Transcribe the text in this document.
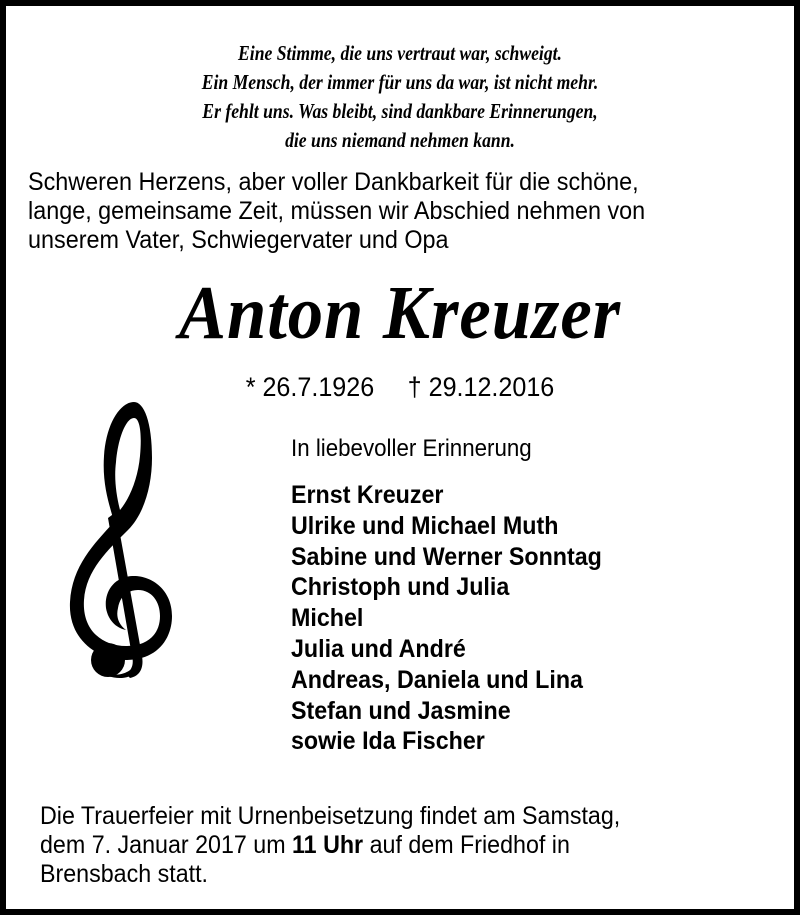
Eine Stimme, die uns vertraut war, schweigt.
Ein Mensch, der immer für uns da war, ist nicht mehr.
Er fehlt uns. Was bleibt, sind dankbare Erinnerungen,
die uns niemand nehmen kann.
Schweren Herzens, aber voller Dankbarkeit für die schöne,
lange, gemeinsame Zeit, müssen wir Abschied nehmen von
unserem Vater, Schwiegervater und Opa
Anton Kreuzer
* 26.7.1926 † 29.12.2016
In liebevoller Erinnerung
Ernst Kreuzer
Ulrike und Michael Muth
Sabine und Werner Sonntag
Christoph und Julia
Michel
Julia und André
Andreas, Daniela und Lina
Stefan und Jasmine
sowie Ida Fischer
Die Trauerfeier mit Urnenbeisetzung findet am Samstag,
dem 7. Januar 2017 um 11 Uhr auf dem Friedhof in
Brensbach statt.
